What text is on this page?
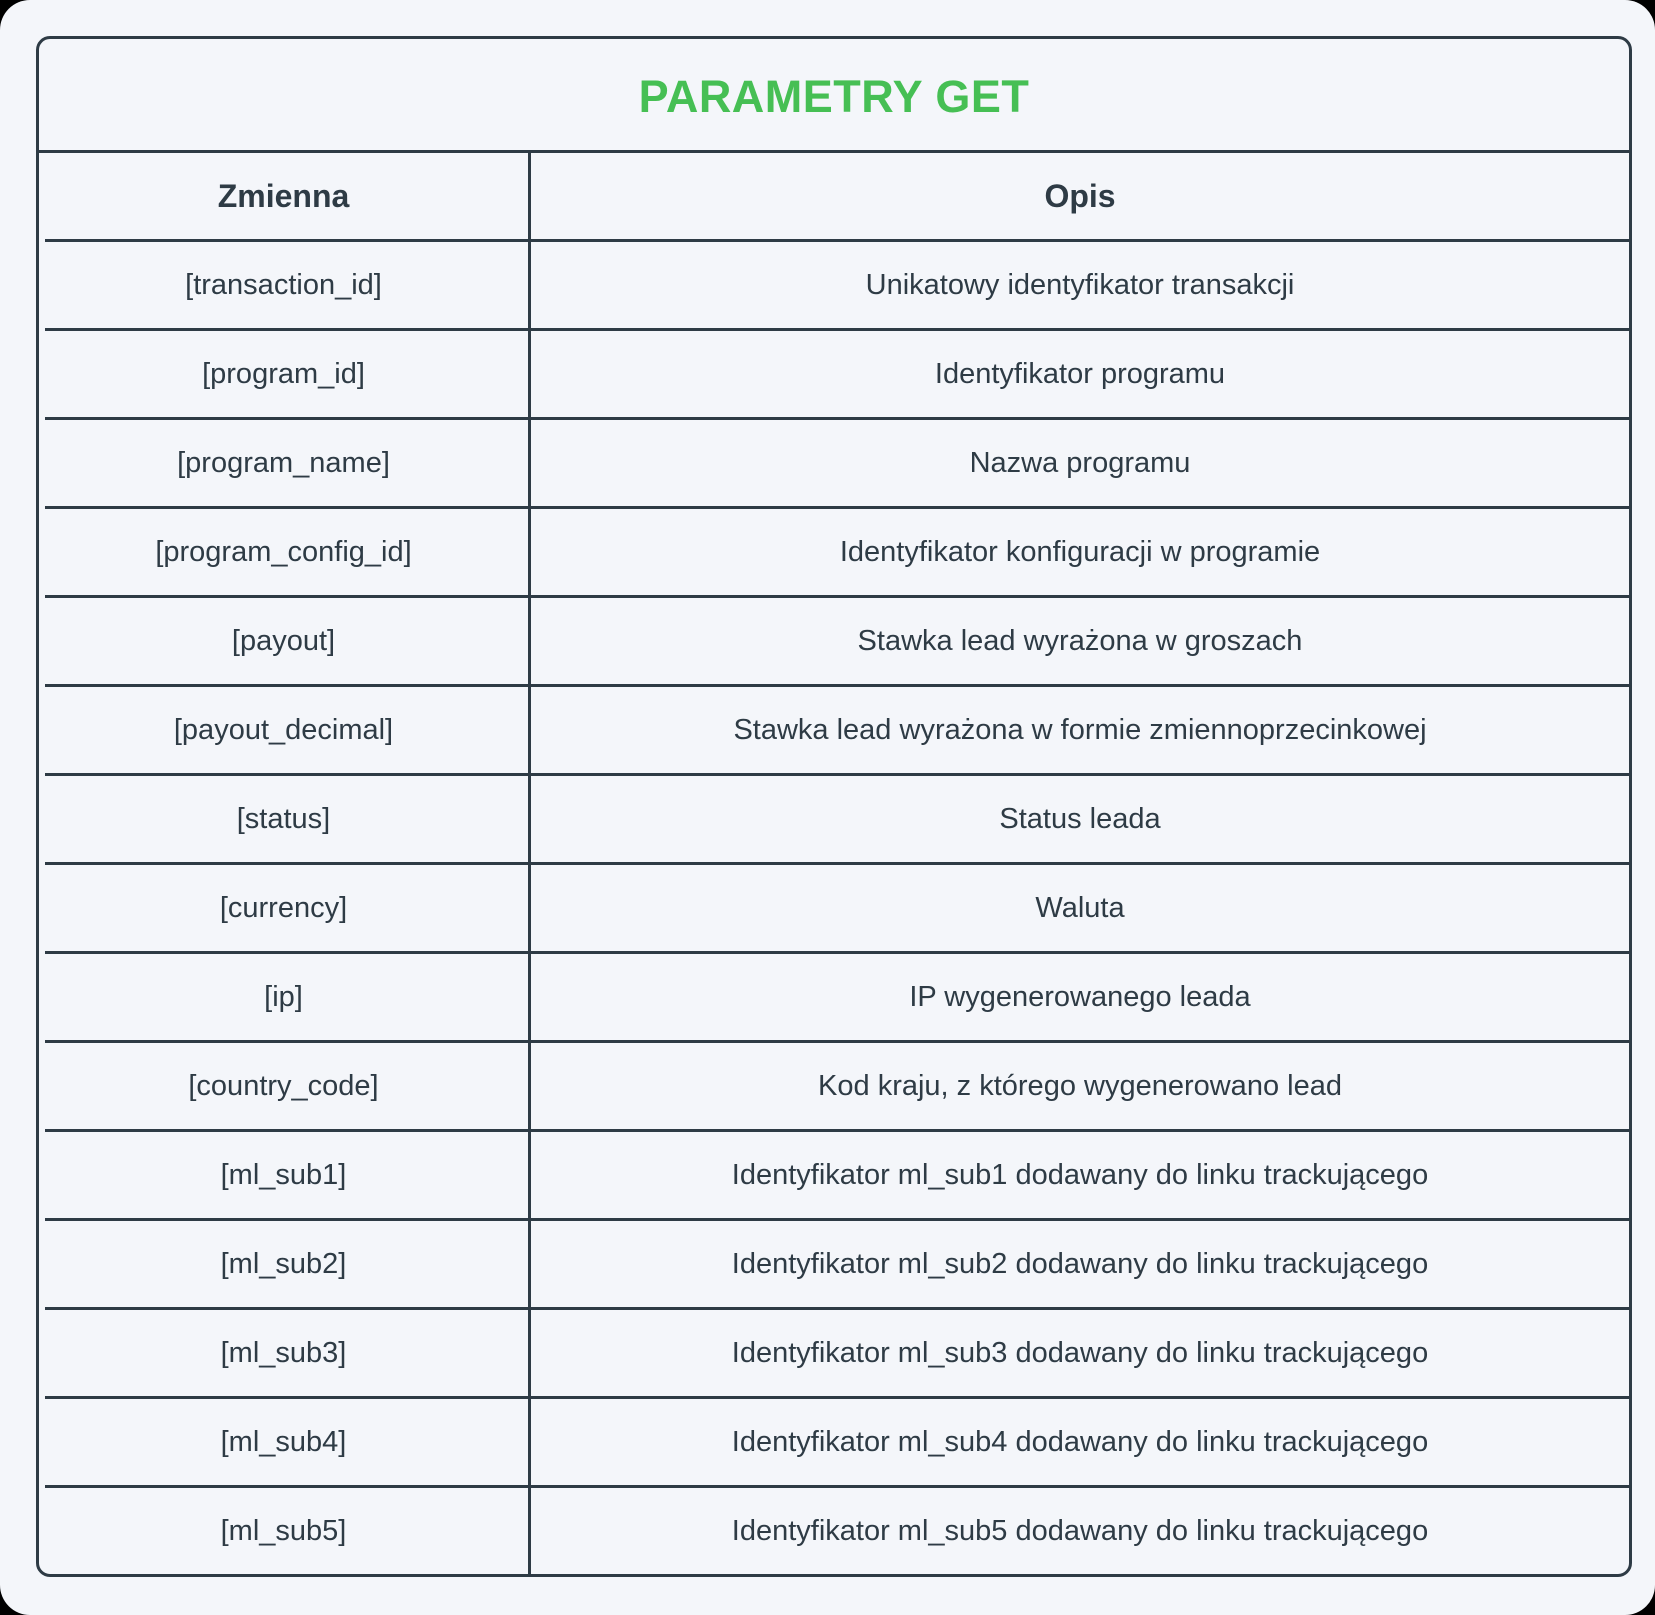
PARAMETRY GET
Zmienna	Opis
[transaction_id]	Unikatowy identyfikator transakcji
[program_id]	Identyfikator programu
[program_name]	Nazwa programu
[program_config_id]	Identyfikator konfiguracji w programie
[payout]	Stawka lead wyrażona w groszach
[payout_decimal]	Stawka lead wyrażona w formie zmiennoprzecinkowej
[status]	Status leada
[currency]	Waluta
[ip]	IP wygenerowanego leada
[country_code]	Kod kraju, z którego wygenerowano lead
[ml_sub1]	Identyfikator ml_sub1 dodawany do linku trackującego
[ml_sub2]	Identyfikator ml_sub2 dodawany do linku trackującego
[ml_sub3]	Identyfikator ml_sub3 dodawany do linku trackującego
[ml_sub4]	Identyfikator ml_sub4 dodawany do linku trackującego
[ml_sub5]	Identyfikator ml_sub5 dodawany do linku trackującego
